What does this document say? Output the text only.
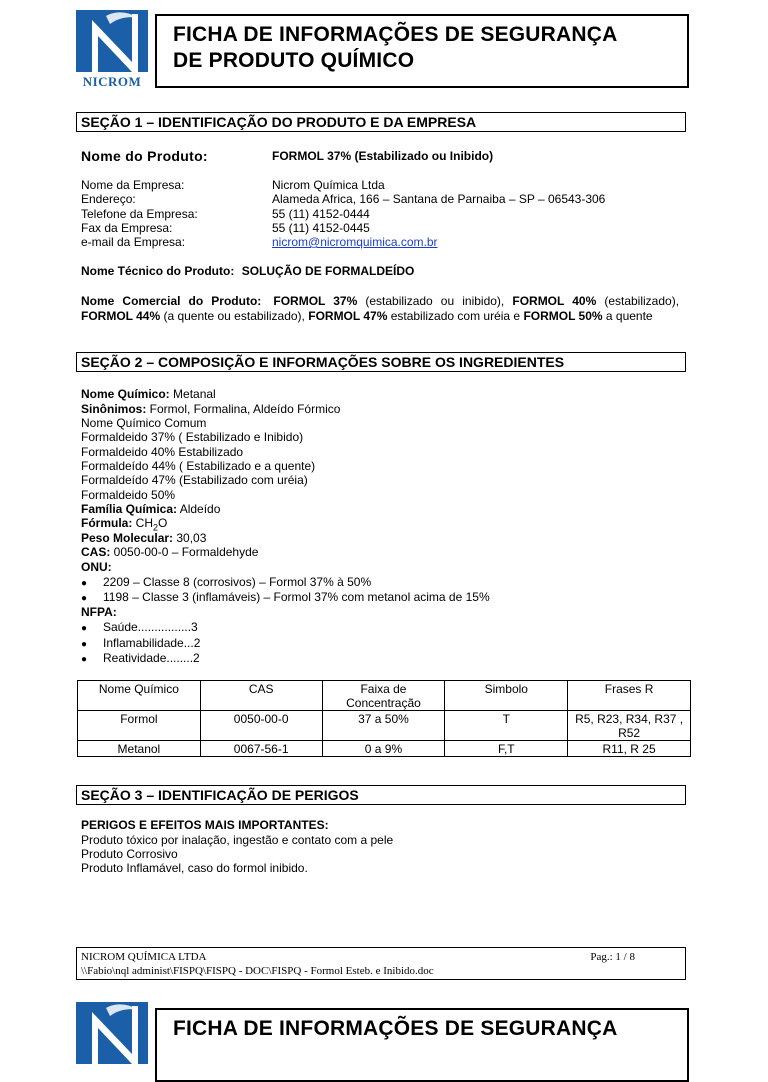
NICROM
FICHA DE INFORMAÇÕES DE SEGURANÇA
DE PRODUTO QUÍMICO
SEÇÃO 1 – IDENTIFICAÇÃO DO PRODUTO E DA EMPRESA
Nome do Produto:	FORMOL 37% (Estabilizado ou Inibido)
Nome da Empresa:	Nicrom Química Ltda
Endereço:	Alameda Africa, 166 – Santana de Parnaiba – SP – 06543-306
Telefone da Empresa:	55 (11) 4152-0444
Fax da Empresa:	55 (11) 4152-0445
e-mail da Empresa:	nicrom@nicromquimica.com.br
Nome Técnico do Produto: SOLUÇÃO DE FORMALDEÍDO
Nome Comercial do Produto: FORMOL 37% (estabilizado ou inibido), FORMOL 40% (estabilizado), FORMOL 44% (a quente ou estabilizado), FORMOL 47% estabilizado com uréia e FORMOL 50% a quente
SEÇÃO 2 – COMPOSIÇÃO E INFORMAÇÕES SOBRE OS INGREDIENTES
Nome Químico: Metanal
Sinônimos: Formol, Formalina, Aldeído Fórmico
Nome Químico Comum
Formaldeido 37% ( Estabilizado e Inibido)
Formaldeido 40% Estabilizado
Formaldeído 44% ( Estabilizado e a quente)
Formaldeído 47% (Estabilizado com uréia)
Formaldeido 50%
Família Química: Aldeído
Fórmula: $CH_2O$
Peso Molecular: 30,03
CAS: 0050-00-0 – Formaldehyde
ONU:
● 2209 – Classe 8 (corrosivos) – Formol 37% à 50%
● 1198 – Classe 3 (inflamáveis) – Formol 37% com metanol acima de 15%
NFPA:
● Saúde................3
● Inflamabilidade...2
● Reatividade........2
Nome Químico	CAS	Faixa de Concentração	Simbolo	Frases R
Formol	0050-00-0	37 a 50%	T	R5, R23, R34, R37 , R52
Metanol	0067-56-1	0 a 9%	F,T	R11, R 25
SEÇÃO 3 – IDENTIFICAÇÃO DE PERIGOS
PERIGOS E EFEITOS MAIS IMPORTANTES:
Produto tóxico por inalação, ingestão e contato com a pele
Produto Corrosivo
Produto Inflamável, caso do formol inibido.
NICROM QUÍMICA LTDA
\\Fabio\nql administ\FISPQ\FISPQ - DOC\FISPQ - Formol Esteb. e Inibido.doc
Pag.: 1 / 8
FICHA DE INFORMAÇÕES DE SEGURANÇA
